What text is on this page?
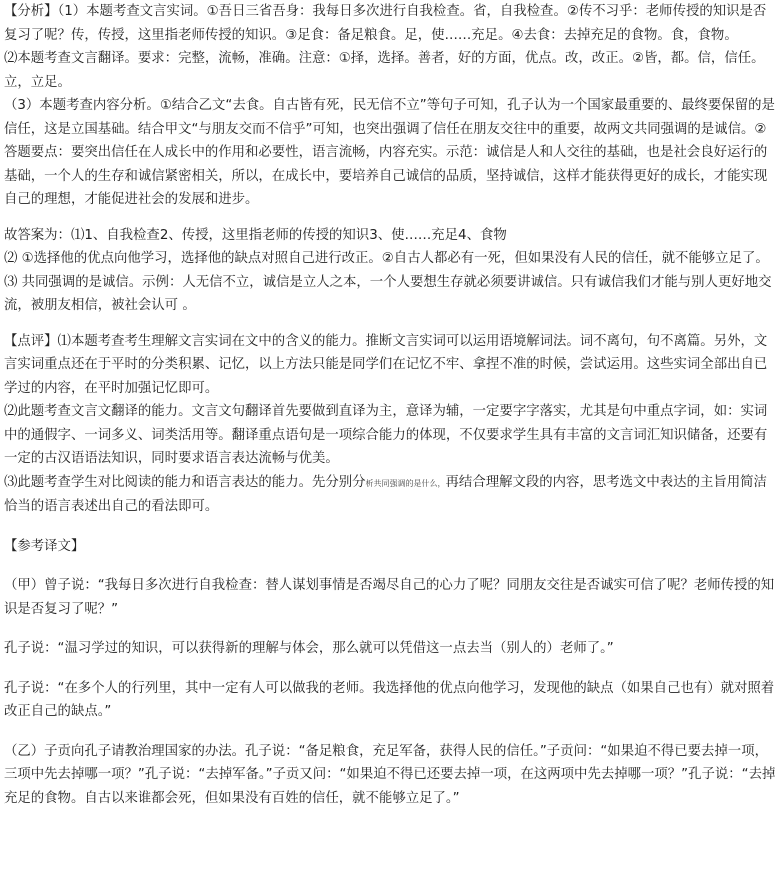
【分析】（1）本题考查文言实词。①吾日三省吾身：我每日多次进行自我检查。省，自我检查。②传不习乎：老师传授的知识是否复习了呢？传，传授，这里指老师传授的知识。③足食：备足粮食。足，使……充足。④去食：去掉充足的食物。食，食物。

⑵本题考查文言翻译。要求：完整，流畅，准确。注意：①择，选择。善者，好的方面，优点。改，改正。②皆，都。信，信任。立，立足。

（3）本题考查内容分析。①结合乙文“去食。自古皆有死，民无信不立”等句子可知，孔子认为一个国家最重要的、最终要保留的是信任，这是立国基础。结合甲文“与朋友交而不信乎”可知，也突出强调了信任在朋友交往中的重要，故两文共同强调的是诚信。②答题要点：要突出信任在人成长中的作用和必要性，语言流畅，内容充实。示范：诚信是人和人交往的基础，也是社会良好运行的基础，一个人的生存和诚信紧密相关，所以，在成长中，要培养自己诚信的品质，坚持诚信，这样才能获得更好的成长，才能实现自己的理想，才能促进社会的发展和进步。

故答案为：⑴1、自我检查2、传授，这里指老师的传授的知识3、使……充足4、食物

⑵ ①选择他的优点向他学习，选择他的缺点对照自己进行改正。②自古人都必有一死，但如果没有人民的信任，就不能够立足了。

⑶ 共同强调的是诚信。示例：人无信不立，诚信是立人之本，一个人要想生存就必须要讲诚信。只有诚信我们才能与别人更好地交流，被朋友相信，被社会认可 。

【点评】⑴本题考查考生理解文言实词在文中的含义的能力。推断文言实词可以运用语境解词法。词不离句，句不离篇。另外，文言实词重点还在于平时的分类积累、记忆，以上方法只能是同学们在记忆不牢、拿捏不准的时候，尝试运用。这些实词全部出自已学过的内容，在平时加强记忆即可。

⑵此题考查文言文翻译的能力。文言文句翻译首先要做到直译为主，意译为辅，一定要字字落实，尤其是句中重点字词，如：实词中的通假字、一词多义、词类活用等。翻译重点语句是一项综合能力的体现，不仅要求学生具有丰富的文言词汇知识储备，还要有一定的古汉语语法知识，同时要求语言表达流畅与优美。

⑶此题考查学生对比阅读的能力和语言表达的能力。先分别分析共同强调的是什么，再结合理解文段的内容，思考选文中表达的主旨用简洁恰当的语言表述出自己的看法即可。

【参考译文】

（甲）曾子说：“我每日多次进行自我检查：替人谋划事情是否竭尽自己的心力了呢？同朋友交往是否诚实可信了呢？老师传授的知识是否复习了呢？”

孔子说：“温习学过的知识，可以获得新的理解与体会，那么就可以凭借这一点去当（别人的）老师了。”

孔子说：“在多个人的行列里，其中一定有人可以做我的老师。我选择他的优点向他学习，发现他的缺点（如果自己也有）就对照着改正自己的缺点。”

（乙）子贡向孔子请教治理国家的办法。孔子说：“备足粮食，充足军备，获得人民的信任。”子贡问：“如果迫不得已要去掉一项，三项中先去掉哪一项？”孔子说：“去掉军备。”子贡又问：“如果迫不得已还要去掉一项，在这两项中先去掉哪一项？”孔子说：“去掉充足的食物。自古以来谁都会死，但如果没有百姓的信任，就不能够立足了。”
